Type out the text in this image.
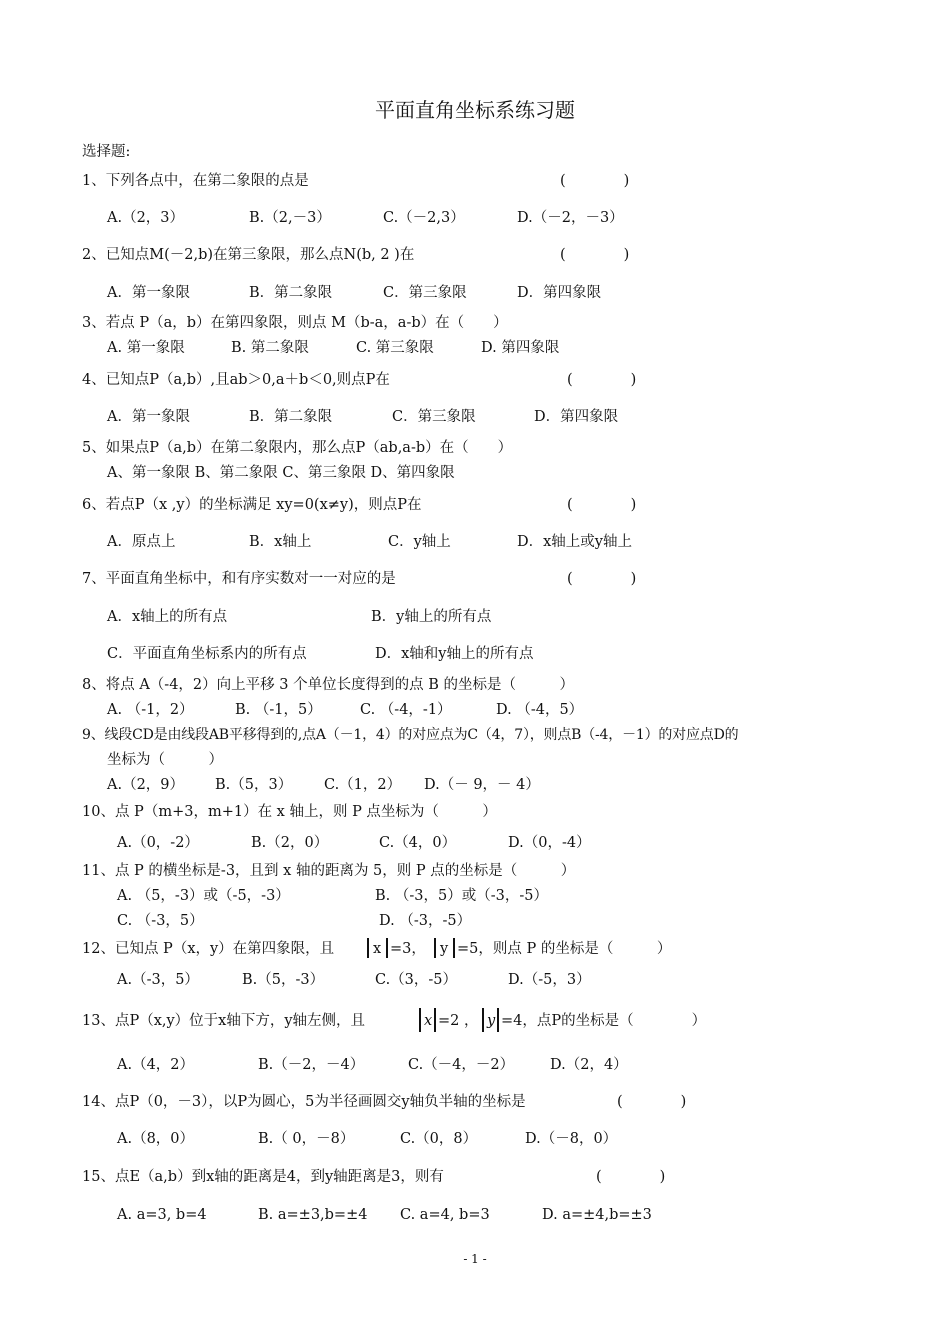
平面直角坐标系练习题
选择题:
1、下列各点中，在第二象限的点是	(　　　　)
A.（2，3）	B.（2,－3）	C.（－2,3）	D.（－2，－3）
2、已知点M(－2,b)在第三象限，那么点N(b, 2 )在	(　　　　)
A．第一象限	B．第二象限	C．第三象限	D．第四象限
3、若点 P（a，b）在第四象限，则点 M（b-a，a-b）在（　　）
A. 第一象限	B. 第二象限	C. 第三象限	D. 第四象限
4、已知点P（a,b）,且ab＞0,a＋b＜0,则点P在	(　　　　)
A．第一象限	B．第二象限	C．第三象限	D．第四象限
5、如果点P（a,b）在第二象限内，那么点P（ab,a-b）在（　　）
A、第一象限 B、第二象限 C、第三象限 D、第四象限
6、若点P（x ,y）的坐标满足 xy=0(x≠y)，则点P在	(　　　　)
A．原点上	B．x轴上	C．y轴上	D．x轴上或y轴上
7、平面直角坐标中，和有序实数对一一对应的是	(　　　　)
A．x轴上的所有点	B．y轴上的所有点
C．平面直角坐标系内的所有点	D．x轴和y轴上的所有点
8、将点 A（-4，2）向上平移 3 个单位长度得到的点 B 的坐标是（　　　）
A. （-1，2）	B. （-1，5）	C. （-4，-1）	D. （-4，5）
9、线段CD是由线段AB平移得到的,点A（－1，4）的对应点为C（4，7），则点B（-4，－1）的对应点D的
坐标为（　　　）
A.（2，9） B.（5，3） C.（1，2） D.（－ 9，－ 4）
10、点 P（m+3，m+1）在 x 轴上，则 P 点坐标为（　　　）
A.（0，-2）	B.（2，0）	C.（4，0）	D.（0，-4）
11、点 P 的横坐标是-3，且到 x 轴的距离为 5，则 P 点的坐标是（　　　）
A. （5，-3）或（-5，-3）	B. （-3，5）或（-3，-5）
C. （-3，5）	D. （-3，-5）
12、已知点 P（x，y）在第四象限，且	x =3， y =5，则点 P 的坐标是（　　　）
A.（-3，5）	B.（5，-3）	C.（3，-5）	D.（-5，3）
13、点P（x,y）位于x轴下方，y轴左侧，且	x =2 ， y =4，点P的坐标是（　　　　）
A.（4，2）	B.（－2，－4）	C.（－4，－2） D.（2，4）
14、点P（0，－3），以P为圆心，5为半径画圆交y轴负半轴的坐标是	(　　　　)
A.（8，0）	B.（ 0，－8）	C.（0，8）	D.（－8，0）
15、点E（a,b）到x轴的距离是4，到y轴距离是3，则有	(　　　　)
A. a=3, b=4	B. a=±3,b=±4 C. a=4, b=3	D. a=±4,b=±3
- 1 -
